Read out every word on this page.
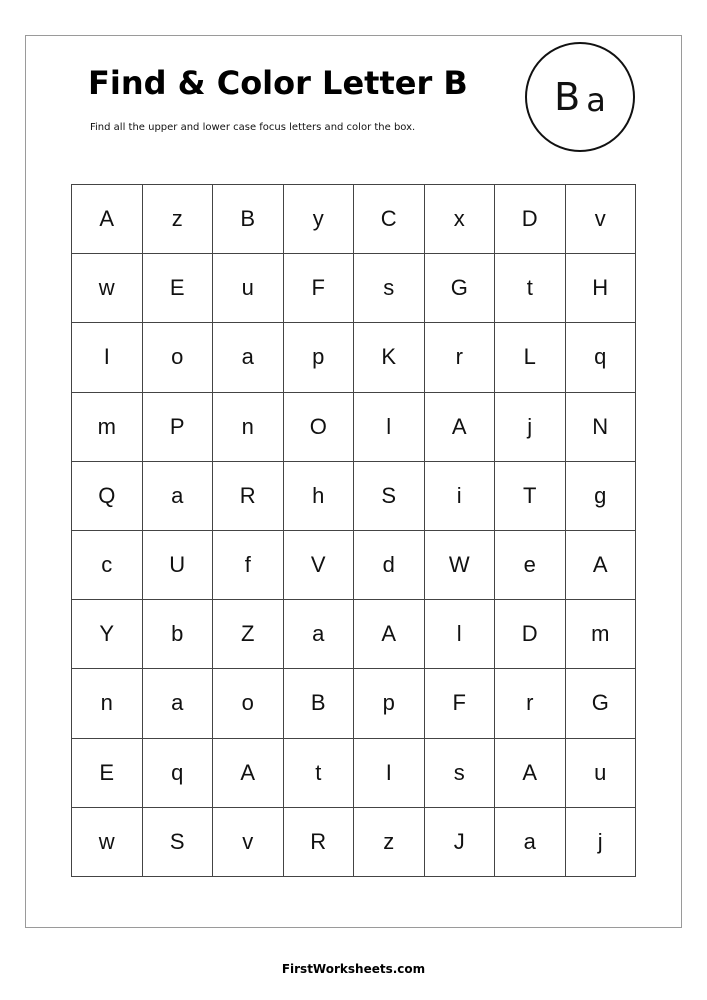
Find & Color Letter B

Find all the upper and lower case focus letters and color the box.

B a
A	z	B	y	C	x	D	v
w	E	u	F	s	G	t	H
I	o	a	p	K	r	L	q
m	P	n	O	l	A	j	N
Q	a	R	h	S	i	T	g
c	U	f	V	d	W	e	A
Y	b	Z	a	A	l	D	m
n	a	o	B	p	F	r	G
E	q	A	t	I	s	A	u
w	S	v	R	z	J	a	j

FirstWorksheets.com
